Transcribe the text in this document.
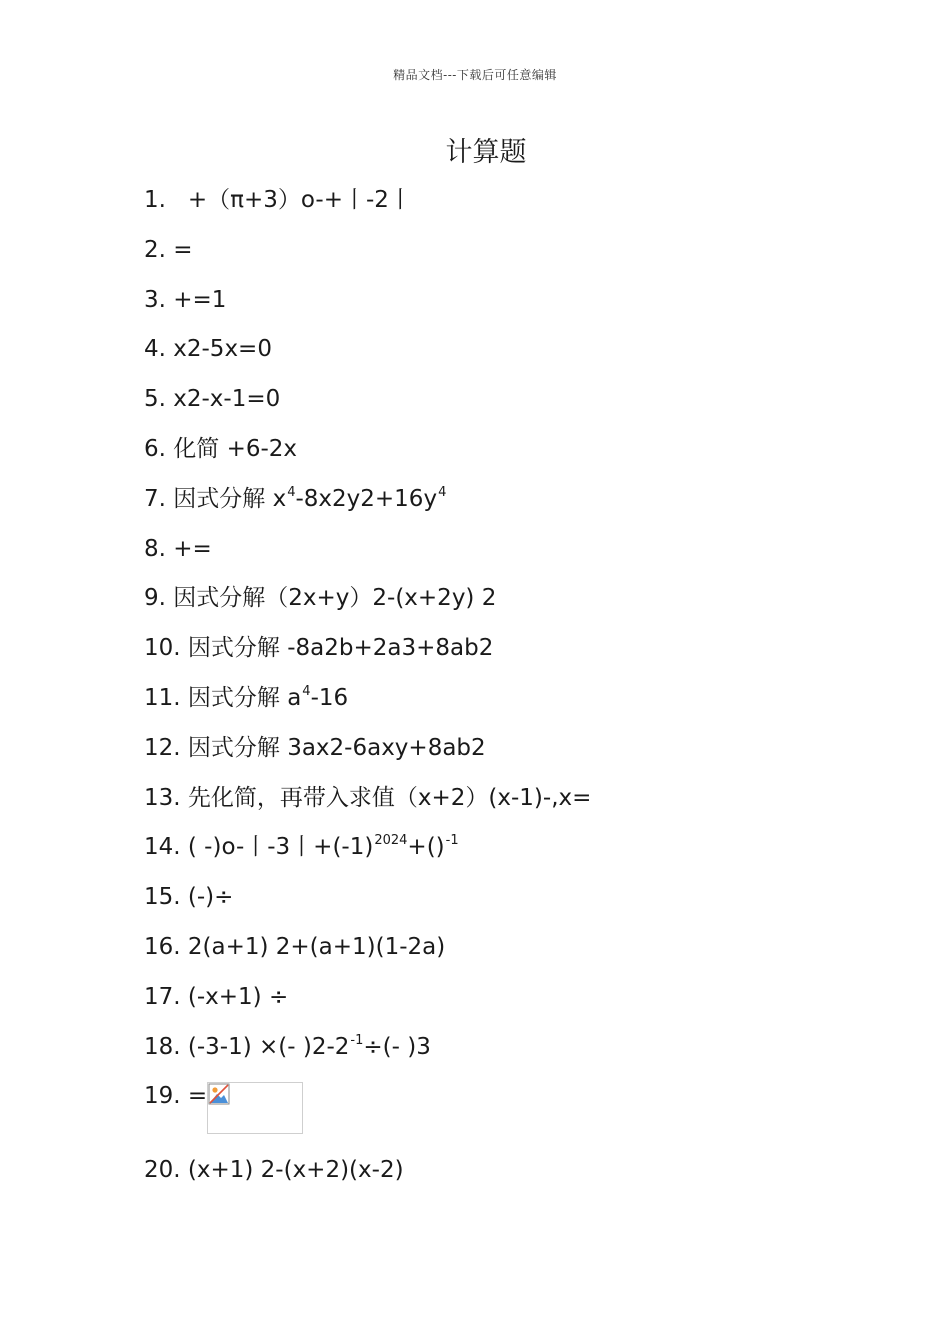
精品文档---下载后可任意编辑
计算题
1.   +（π+3）o-+丨-2丨
2. =
3. +=1
4. x2-5x=0
5. x2-x-1=0
6. 化简 +6-2x
7. 因式分解 $x^4-8x2y2+16y^4$
8. +=
9. 因式分解（2x+y）2-(x+2y) 2
10. 因式分解 -8a2b+2a3+8ab2
11. 因式分解 $a^4-16$
12. 因式分解 3ax2-6axy+8ab2
13. 先化简，再带入求值（x+2）(x-1)-,x=
14. ( -)o-丨-3丨$+(-1)^{2024}+()^{-1}$
15. (-)÷
16. 2(a+1) 2+(a+1)(1-2a)
17. (-x+1) ÷
18. (-3-1) ×(- )$2-2^{-1}\div(-$ )3
19. =
20. (x+1) 2-(x+2)(x-2)
